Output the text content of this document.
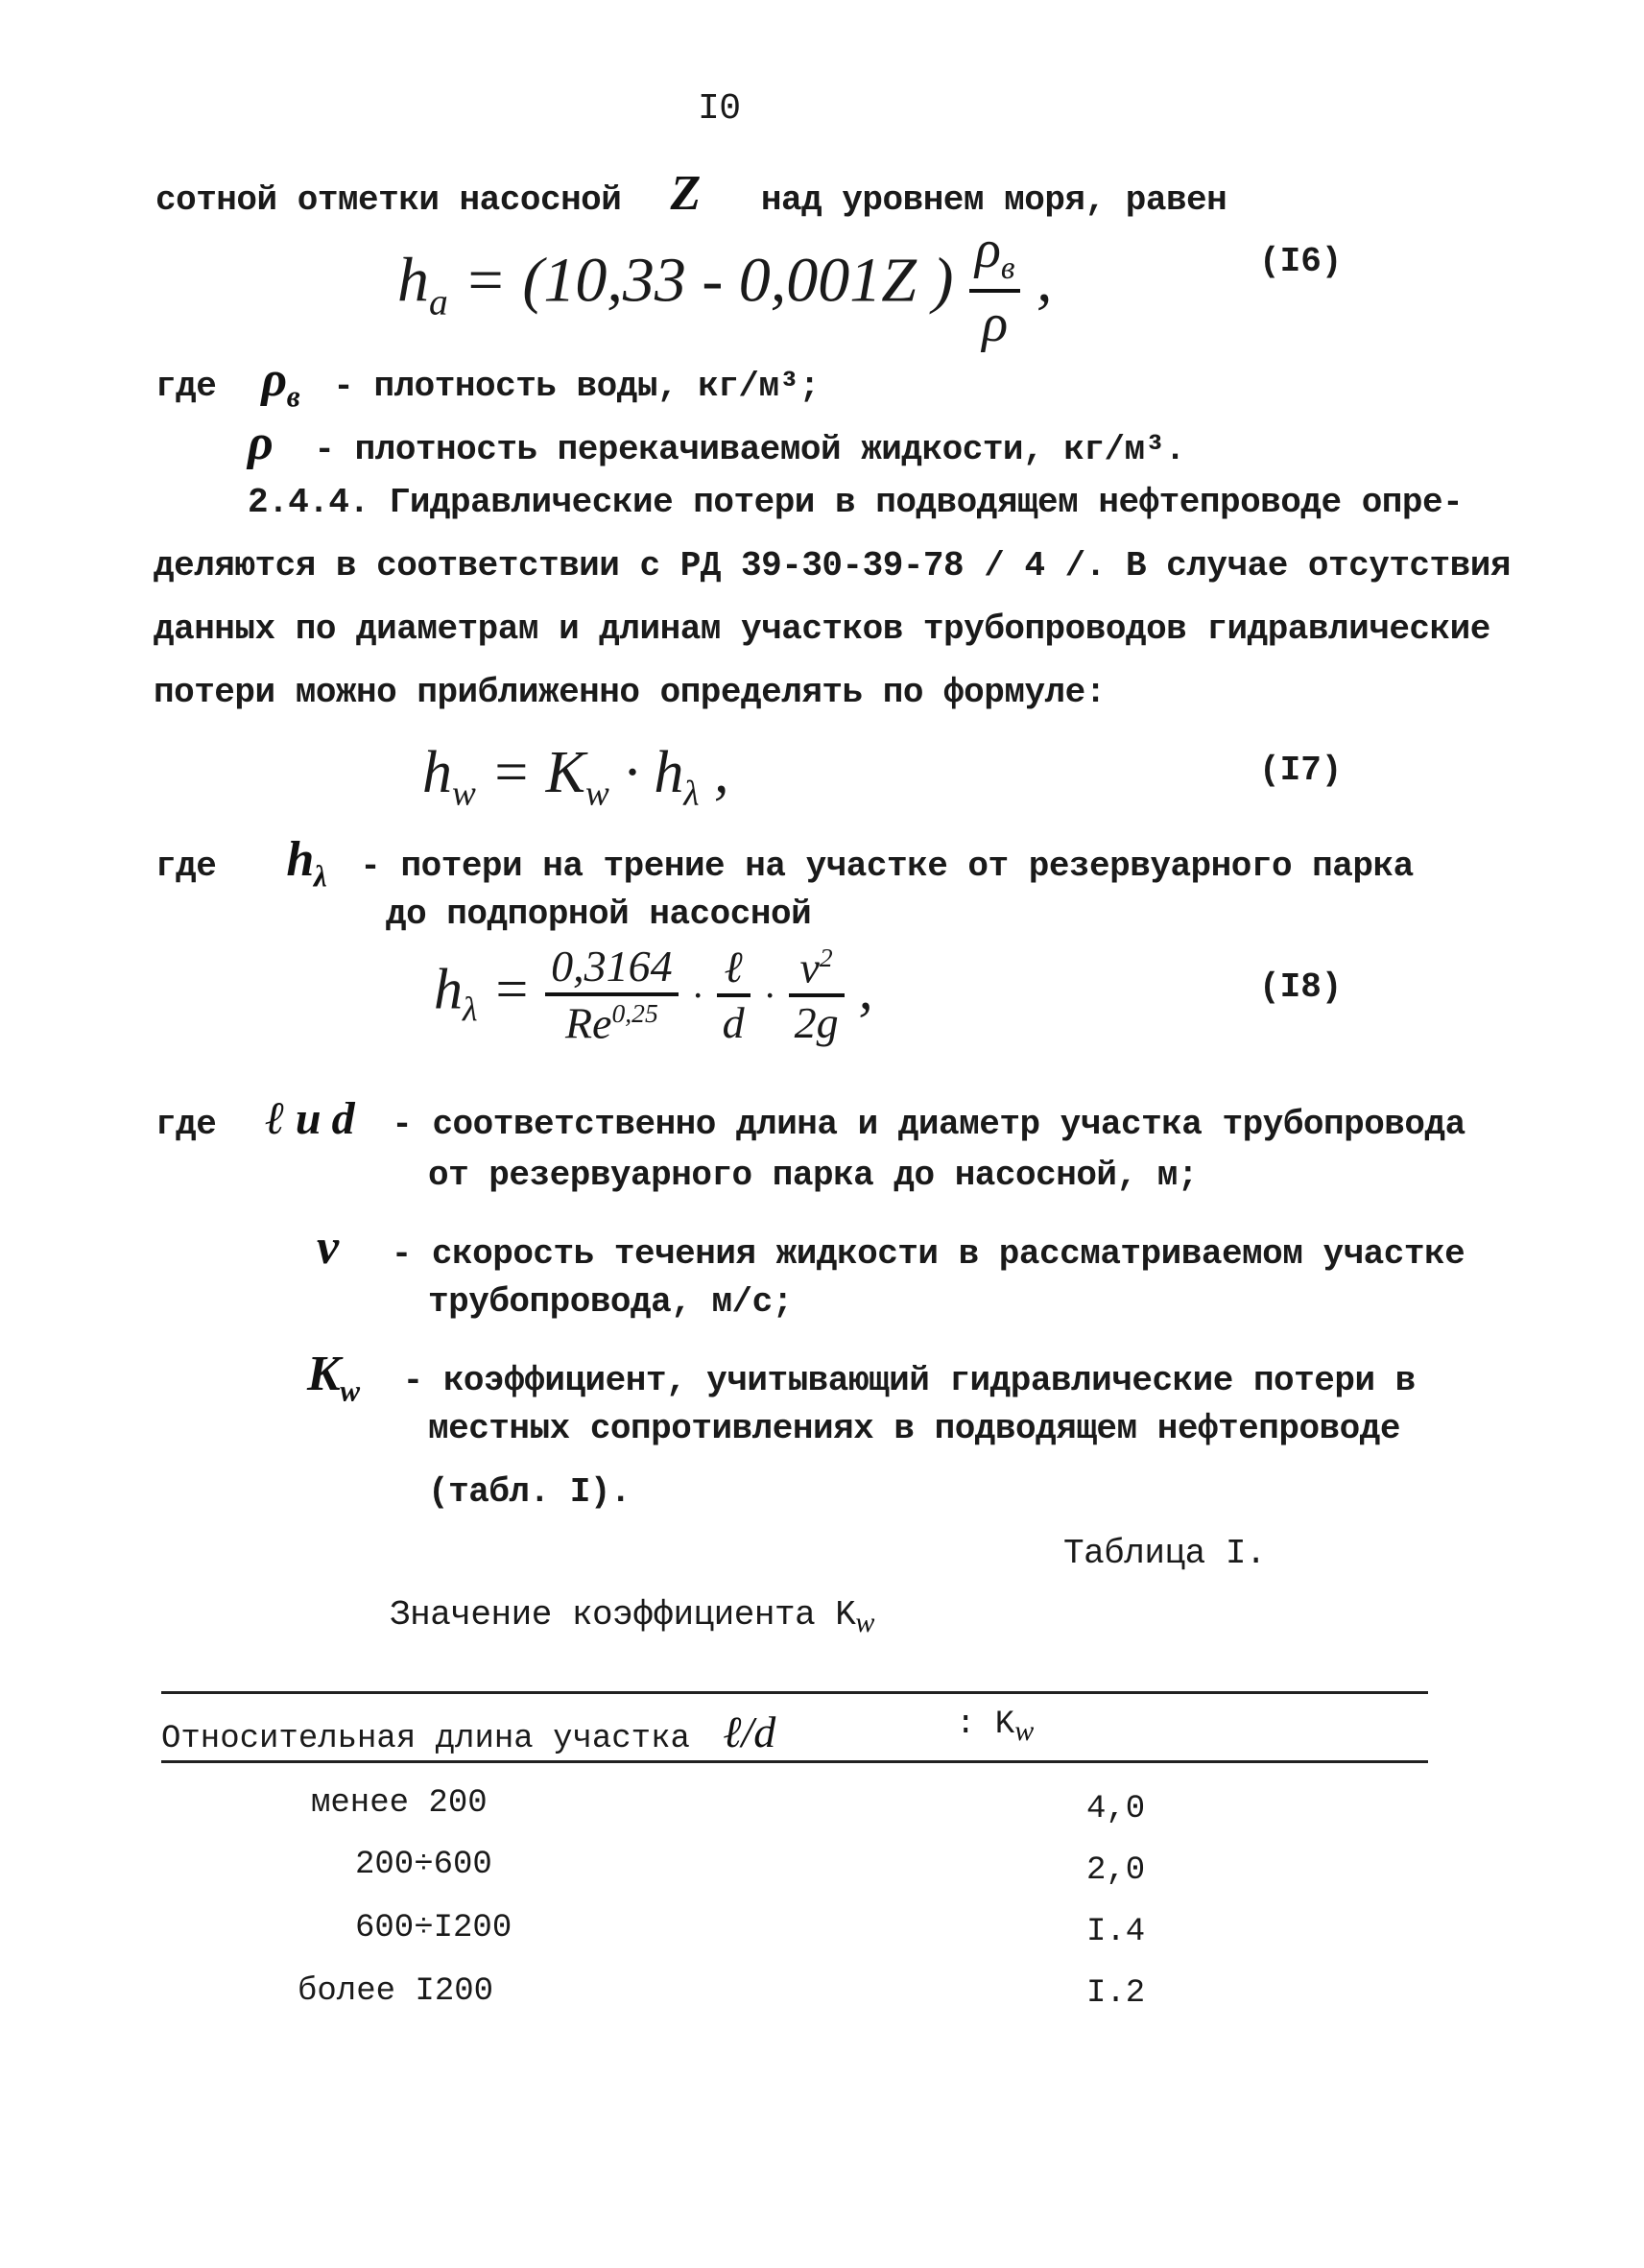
I0
сотной отметки насосной Z над уровнем моря, равен
$h_a = (10,33 - 0,001Z$ ) $\frac{\rho_в}{\rho}$ ,	(I6)
где $\rho_в$ - плотность воды, кг/м³;
ρ - плотность перекачиваемой жидкости, кг/м³.
2.4.4. Гидравлические потери в подводящем нефтепроводе опре-
деляются в соответствии с РД 39-30-39-78 / 4 /. В случае отсутствия
данных по диаметрам и длинам участков трубопроводов гидравлические
потери можно приближенно определять по формуле:
$h_w = K_w \cdot h_\lambda$ ,	(I7)
где $h_\lambda$ - потери на трение на участке от резервуарного парка
до подпорной насосной
$h_\lambda = \frac{0,3164}{Re^{0,25}} \cdot \frac{\text{ℓ}}{d} \cdot \frac{v^2}{2g}$ ,	(I8)
где ℓ и d - соответственно длина и диаметр участка трубопровода
от резервуарного парка до насосной, м;
v - скорость течения жидкости в рассматриваемом участке
трубопровода, м/с;
$K_w$ - коэффициент, учитывающий гидравлические потери в
местных сопротивлениях в подводящем нефтепроводе
(табл. I).
Таблица I.
Значение коэффициента $K_w$
Относительная длина участка ℓ/d	: $K_w$
менее 200	4,0
200÷600	2,0
600÷I200	I.4
более I200	I.2
